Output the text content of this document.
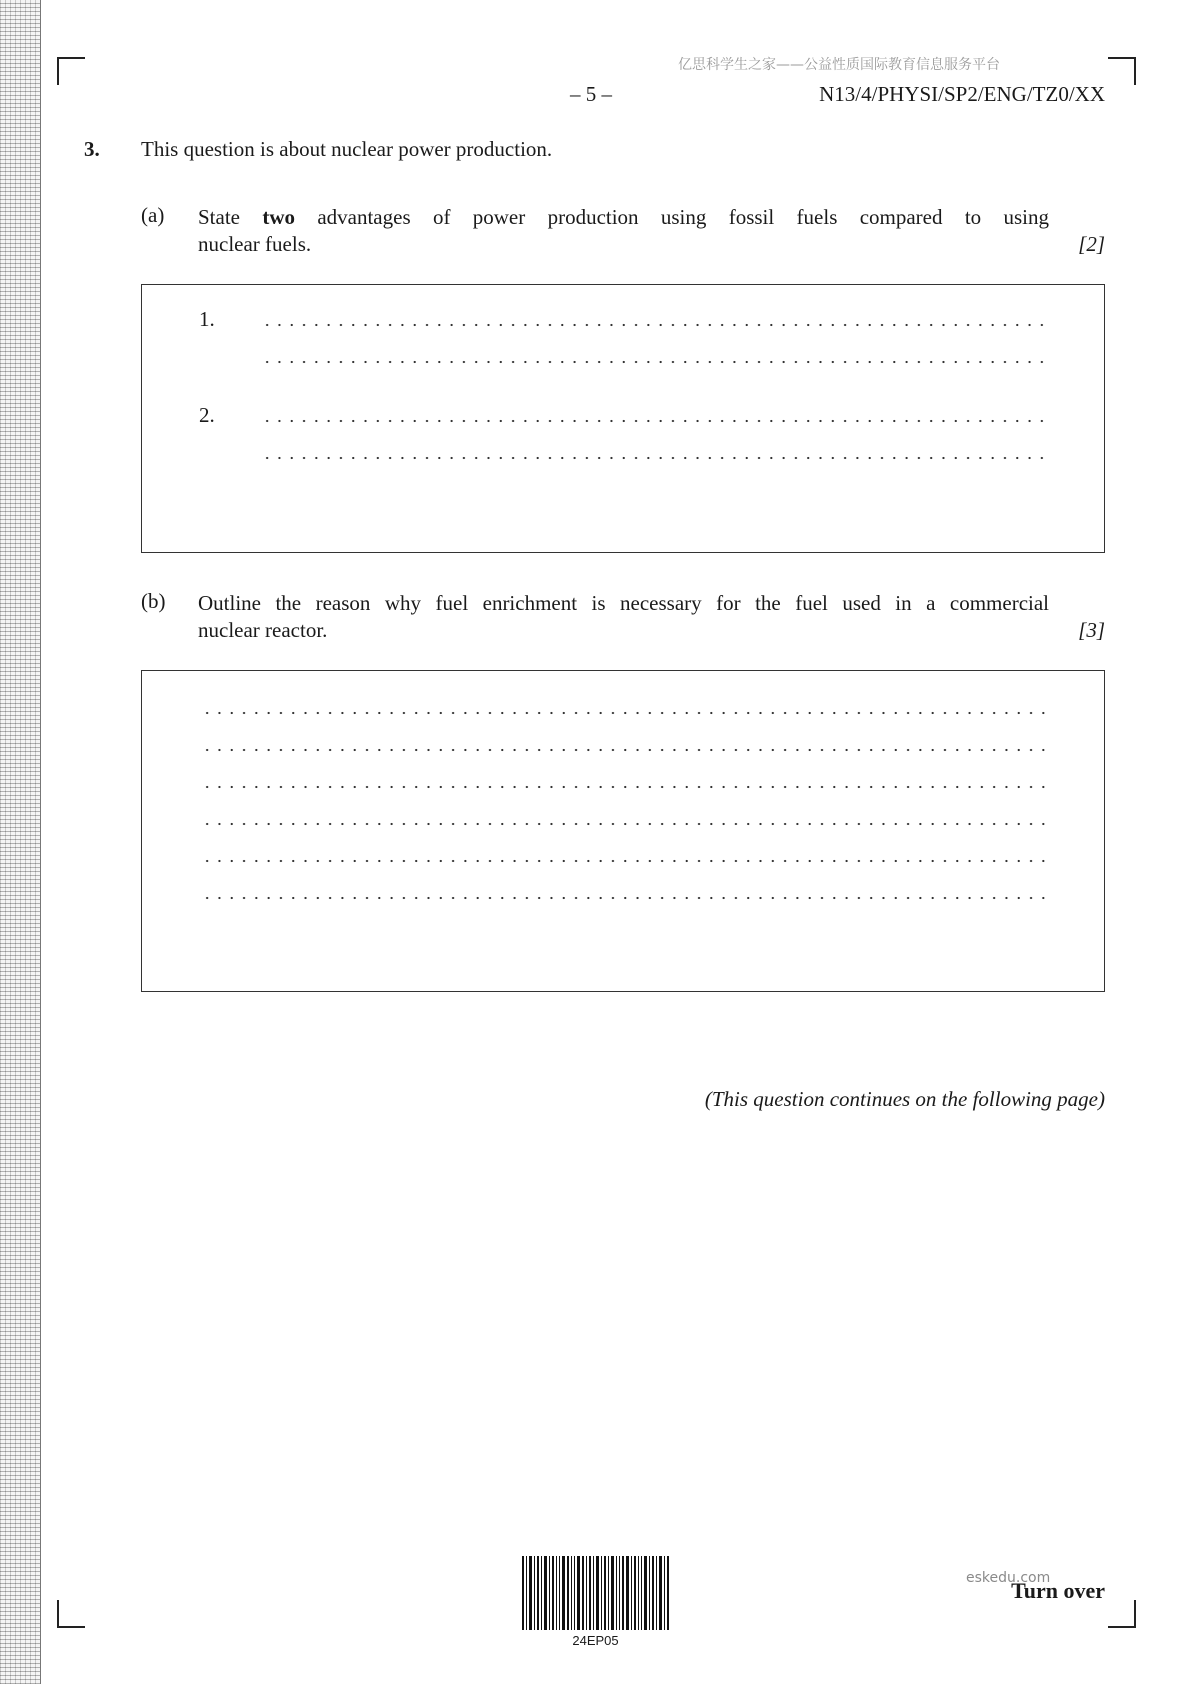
亿思科学生之家——公益性质国际教育信息服务平台
– 5 –	N13/4/PHYSI/SP2/ENG/TZ0/XX
3. This question is about nuclear power production.
(a) State two advantages of power production using fossil fuels compared to using
nuclear fuels.	[2]
1.
2.
(b) Outline the reason why fuel enrichment is necessary for the fuel used in a commercial
nuclear reactor.	[3]
(This question continues on the following page)
24EP05
eskedu.com
Turn over
